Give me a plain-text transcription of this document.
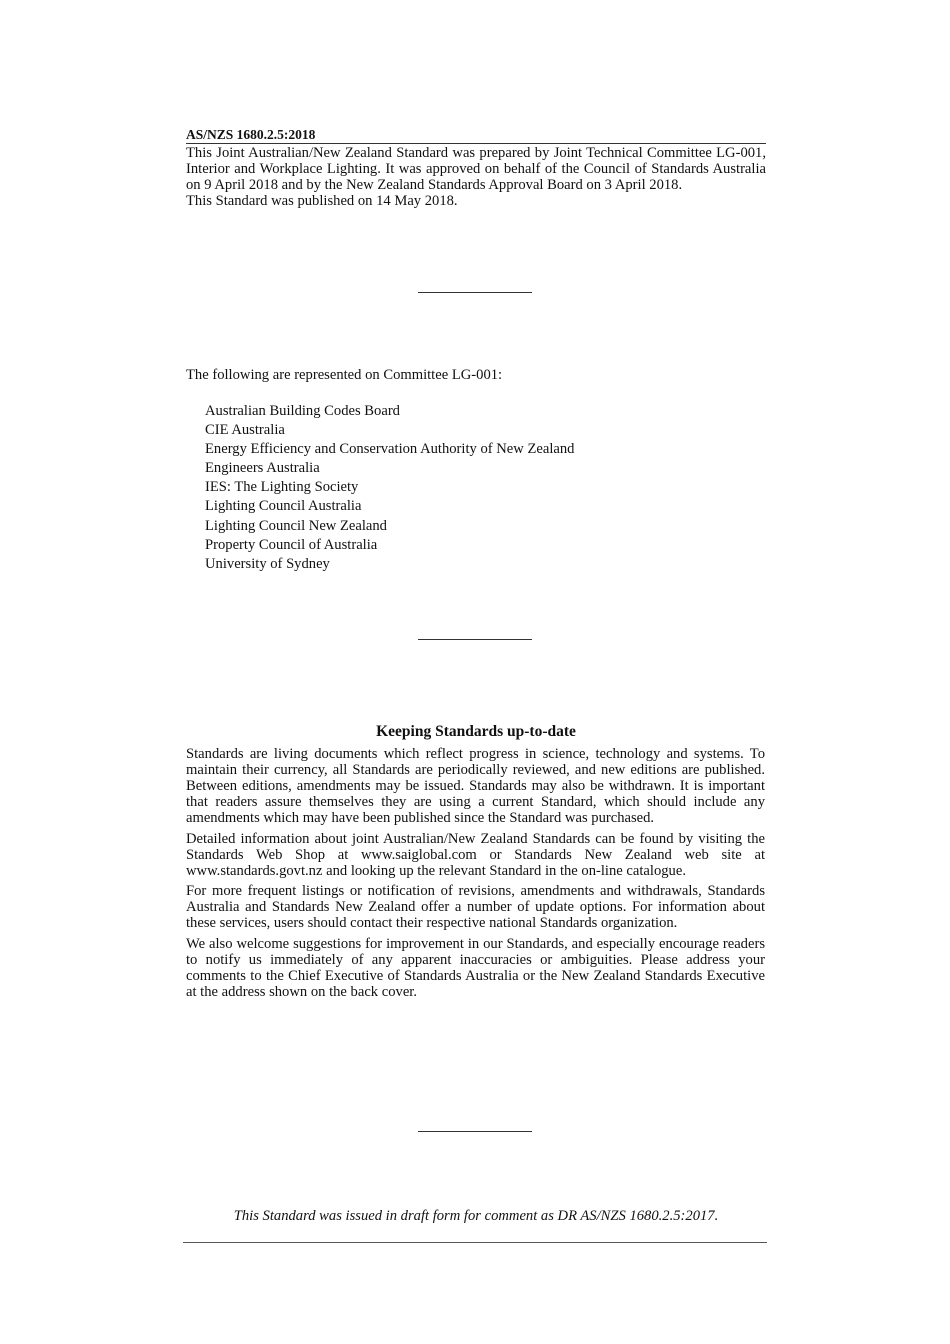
AS/NZS 1680.2.5:2018

This Joint Australian/New Zealand Standard was prepared by Joint Technical Committee LG-001, Interior and Workplace Lighting. It was approved on behalf of the Council of Standards Australia on 9 April 2018 and by the New Zealand Standards Approval Board on 3 April 2018.

This Standard was published on 14 May 2018.

The following are represented on Committee LG-001:

Australian Building Codes Board
CIE Australia
Energy Efficiency and Conservation Authority of New Zealand
Engineers Australia
IES: The Lighting Society
Lighting Council Australia
Lighting Council New Zealand
Property Council of Australia
University of Sydney
Keeping Standards up-to-date

Standards are living documents which reflect progress in science, technology and systems. To maintain their currency, all Standards are periodically reviewed, and new editions are published. Between editions, amendments may be issued. Standards may also be withdrawn. It is important that readers assure themselves they are using a current Standard, which should include any amendments which may have been published since the Standard was purchased.

Detailed information about joint Australian/New Zealand Standards can be found by visiting the Standards Web Shop at www.saiglobal.com or Standards New Zealand web site at www.standards.govt.nz and looking up the relevant Standard in the on-line catalogue.

For more frequent listings or notification of revisions, amendments and withdrawals, Standards Australia and Standards New Zealand offer a number of update options. For information about these services, users should contact their respective national Standards organization.

We also welcome suggestions for improvement in our Standards, and especially encourage readers to notify us immediately of any apparent inaccuracies or ambiguities. Please address your comments to the Chief Executive of Standards Australia or the New Zealand Standards Executive at the address shown on the back cover.

This Standard was issued in draft form for comment as DR AS/NZS 1680.2.5:2017.
